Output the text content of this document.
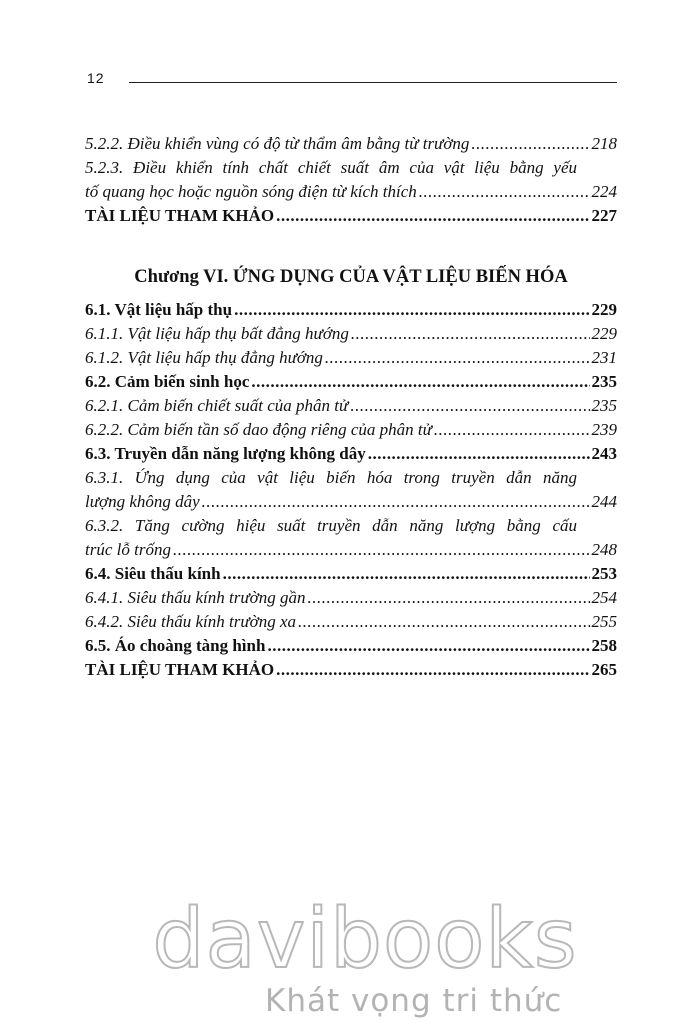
12
5.2.2. Điều khiển vùng có độ từ thẩm âm bằng từ trường .....	218
5.2.3. Điều khiển tính chất chiết suất âm của vật liệu bằng yếu
tố quang học hoặc nguồn sóng điện từ kích thích .....	224
TÀI LIỆU THAM KHẢO .....	227
Chương VI. ỨNG DỤNG CỦA VẬT LIỆU BIẾN HÓA
6.1. Vật liệu hấp thụ .....	229
6.1.1. Vật liệu hấp thụ bất đẳng hướng .....	229
6.1.2. Vật liệu hấp thụ đẳng hướng .....	231
6.2. Cảm biến sinh học .....	235
6.2.1. Cảm biến chiết suất của phân tử .....	235
6.2.2. Cảm biến tần số dao động riêng của phân tử .....	239
6.3. Truyền dẫn năng lượng không dây .....	243
6.3.1. Ứng dụng của vật liệu biến hóa trong truyền dẫn năng
lượng không dây .....	244
6.3.2. Tăng cường hiệu suất truyền dẫn năng lượng bằng cấu
trúc lỗ trống .....	248
6.4. Siêu thấu kính .....	253
6.4.1. Siêu thấu kính trường gần .....	254
6.4.2. Siêu thấu kính trường xa .....	255
6.5. Áo choàng tàng hình .....	258
TÀI LIỆU THAM KHẢO .....	265
davibooks
Khát vọng tri thức
